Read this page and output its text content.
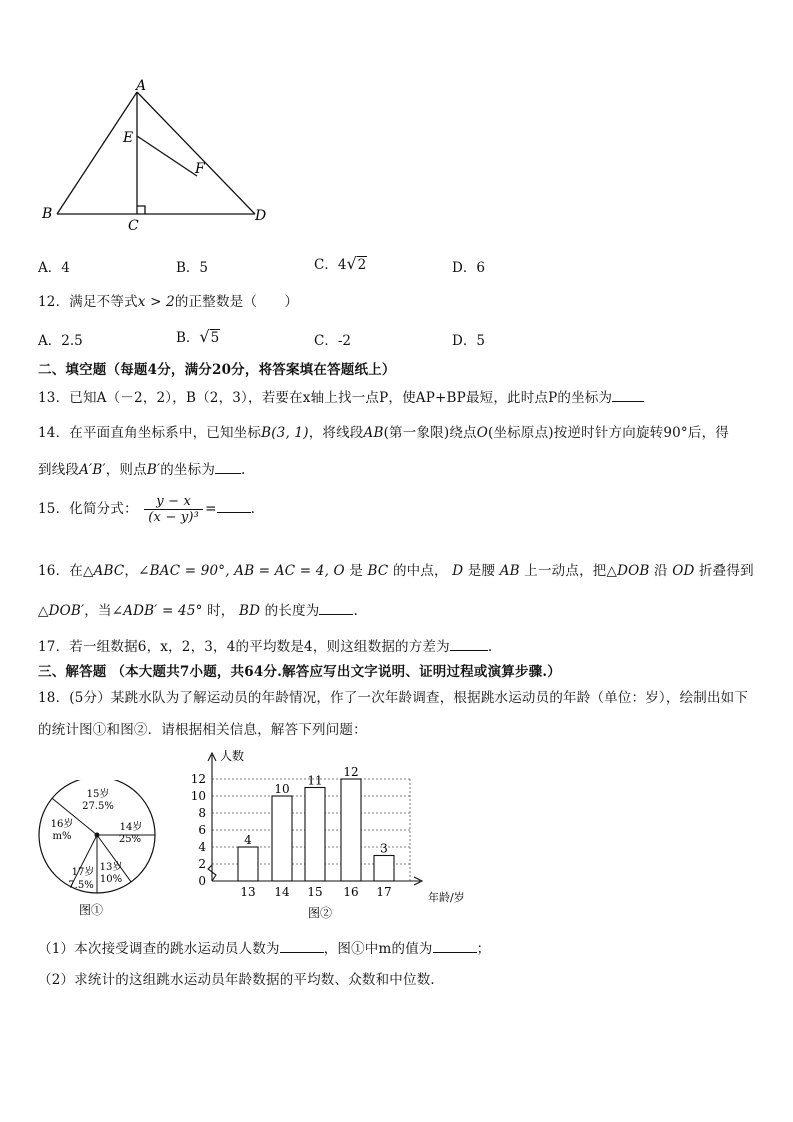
A
E
F
B
C
D
A．4	B．5	C．4√2	D．6
12．满足不等式x > 2的正整数是（　　）
A．2.5	B．√5	C．-2	D．5
二、填空题（每题4分，满分20分，将答案填在答题纸上）
13．已知A（－2，2），B（2，3），若要在x轴上找一点P，使AP+BP最短，此时点P的坐标为
14．在平面直角坐标系中，已知坐标B(3, 1)，将线段AB(第一象限)绕点O(坐标原点)按逆时针方向旋转90°后，得
到线段A′B′，则点B′的坐标为 .
15．化简分式： $\frac{y - x}{\text{(x − y)³}}$ =	.
16．在△ABC，∠BAC = 90°, AB = AC = 4, O 是 BC 的中点， D 是腰 AB 上一动点，把△DOB 沿 OD 折叠得到
△DOB′，当∠ADB′ = 45° 时， BD 的长度为	.
17．若一组数据6，x，2，3，4的平均数是4，则这组数据的方差为	.
三、解答题 （本大题共7小题，共64分.解答应写出文字说明、证明过程或演算步骤.）
18．(5分）某跳水队为了解运动员的年龄情况，作了一次年龄调查，根据跳水运动员的年龄（单位：岁），绘制出如下
的统计图①和图②．请根据相关信息，解答下列问题：
15岁
27.5%
14岁
25%
13岁
10%
17岁
7.5%
16岁
m%
图①
0
2
4
6
8
10
12
4
10
11
12
3
13 14 15 16 17
人数
年龄/岁
图②
（1）本次接受调查的跳水运动员人数为	，图①中m的值为	；
（2）求统计的这组跳水运动员年龄数据的平均数、众数和中位数．
